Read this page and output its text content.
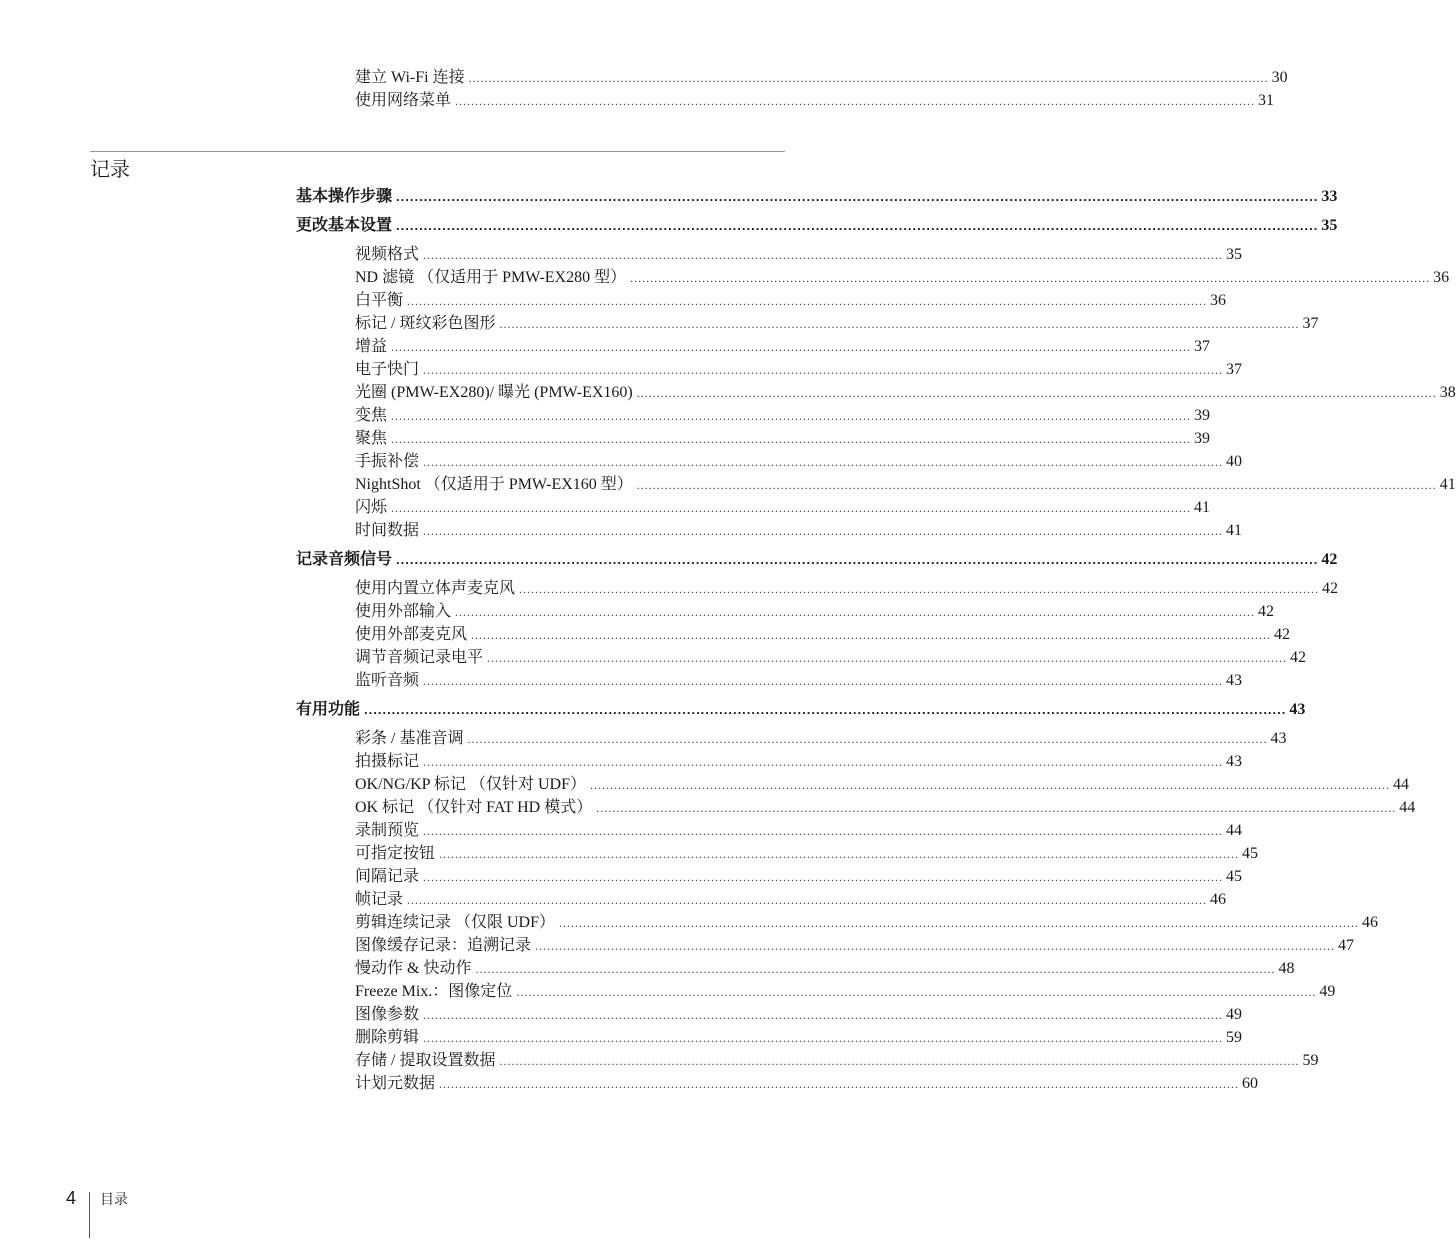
建立 Wi-Fi 连接 ........................................................................................................................................................................................................ 30
使用网络菜单 ........................................................................................................................................................................................................ 31
基本操作步骤 ........................................................................................................................................................................................................ 33
更改基本设置 ........................................................................................................................................................................................................ 35
视频格式 ........................................................................................................................................................................................................ 35
ND 滤镜 （仅适用于 PMW-EX280 型） ........................................................................................................................................................................................................ 36
白平衡 ........................................................................................................................................................................................................ 36
标记 / 斑纹彩色图形 ........................................................................................................................................................................................................ 37
增益 ........................................................................................................................................................................................................ 37
电子快门 ........................................................................................................................................................................................................ 37
光圈 (PMW-EX280)/ 曝光 (PMW-EX160) ........................................................................................................................................................................................................ 38
变焦 ........................................................................................................................................................................................................ 39
聚焦 ........................................................................................................................................................................................................ 39
手振补偿 ........................................................................................................................................................................................................ 40
NightShot （仅适用于 PMW-EX160 型） ........................................................................................................................................................................................................ 41
闪烁 ........................................................................................................................................................................................................ 41
时间数据 ........................................................................................................................................................................................................ 41
记录音频信号 ........................................................................................................................................................................................................ 42
使用内置立体声麦克风 ........................................................................................................................................................................................................ 42
使用外部输入 ........................................................................................................................................................................................................ 42
使用外部麦克风 ........................................................................................................................................................................................................ 42
调节音频记录电平 ........................................................................................................................................................................................................ 42
监听音频 ........................................................................................................................................................................................................ 43
有用功能 ........................................................................................................................................................................................................ 43
彩条 / 基准音调 ........................................................................................................................................................................................................ 43
拍摄标记 ........................................................................................................................................................................................................ 43
OK/NG/KP 标记 （仅针对 UDF） ........................................................................................................................................................................................................ 44
OK 标记 （仅针对 FAT HD 模式） ........................................................................................................................................................................................................ 44
录制预览 ........................................................................................................................................................................................................ 44
可指定按钮 ........................................................................................................................................................................................................ 45
间隔记录 ........................................................................................................................................................................................................ 45
帧记录 ........................................................................................................................................................................................................ 46
剪辑连续记录 （仅限 UDF） ........................................................................................................................................................................................................ 46
图像缓存记录：追溯记录 ........................................................................................................................................................................................................ 47
慢动作 & 快动作 ........................................................................................................................................................................................................ 48
Freeze Mix.：图像定位 ........................................................................................................................................................................................................ 49
图像参数 ........................................................................................................................................................................................................ 49
删除剪辑 ........................................................................................................................................................................................................ 59
存储 / 提取设置数据 ........................................................................................................................................................................................................ 59
计划元数据 ........................................................................................................................................................................................................ 60
记录
4 目录
